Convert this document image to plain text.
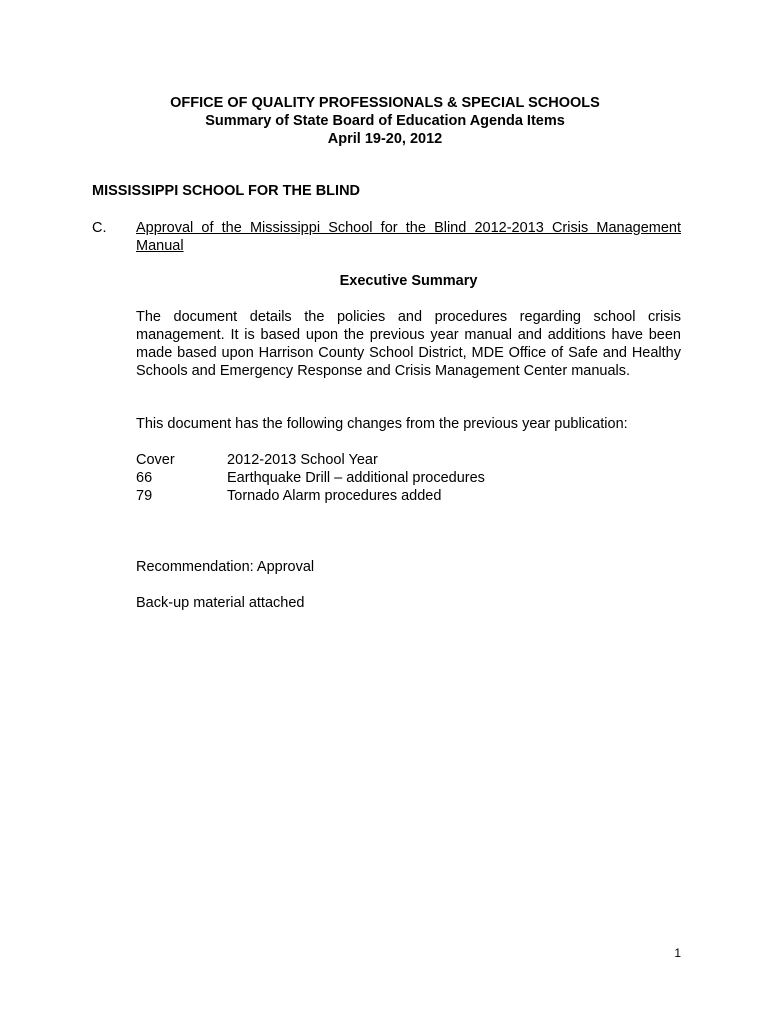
OFFICE OF QUALITY PROFESSIONALS & SPECIAL SCHOOLS
Summary of State Board of Education Agenda Items
April 19-20, 2012
MISSISSIPPI SCHOOL FOR THE BLIND
C. Approval of the Mississippi School for the Blind 2012-2013 Crisis Management Manual
Executive Summary
The document details the policies and procedures regarding school crisis management. It is based upon the previous year manual and additions have been made based upon Harrison County School District, MDE Office of Safe and Healthy Schools and Emergency Response and Crisis Management Center manuals.
This document has the following changes from the previous year publication:
Cover	2012-2013 School Year
66	Earthquake Drill – additional procedures
79	Tornado Alarm procedures added
Recommendation: Approval
Back-up material attached
1
